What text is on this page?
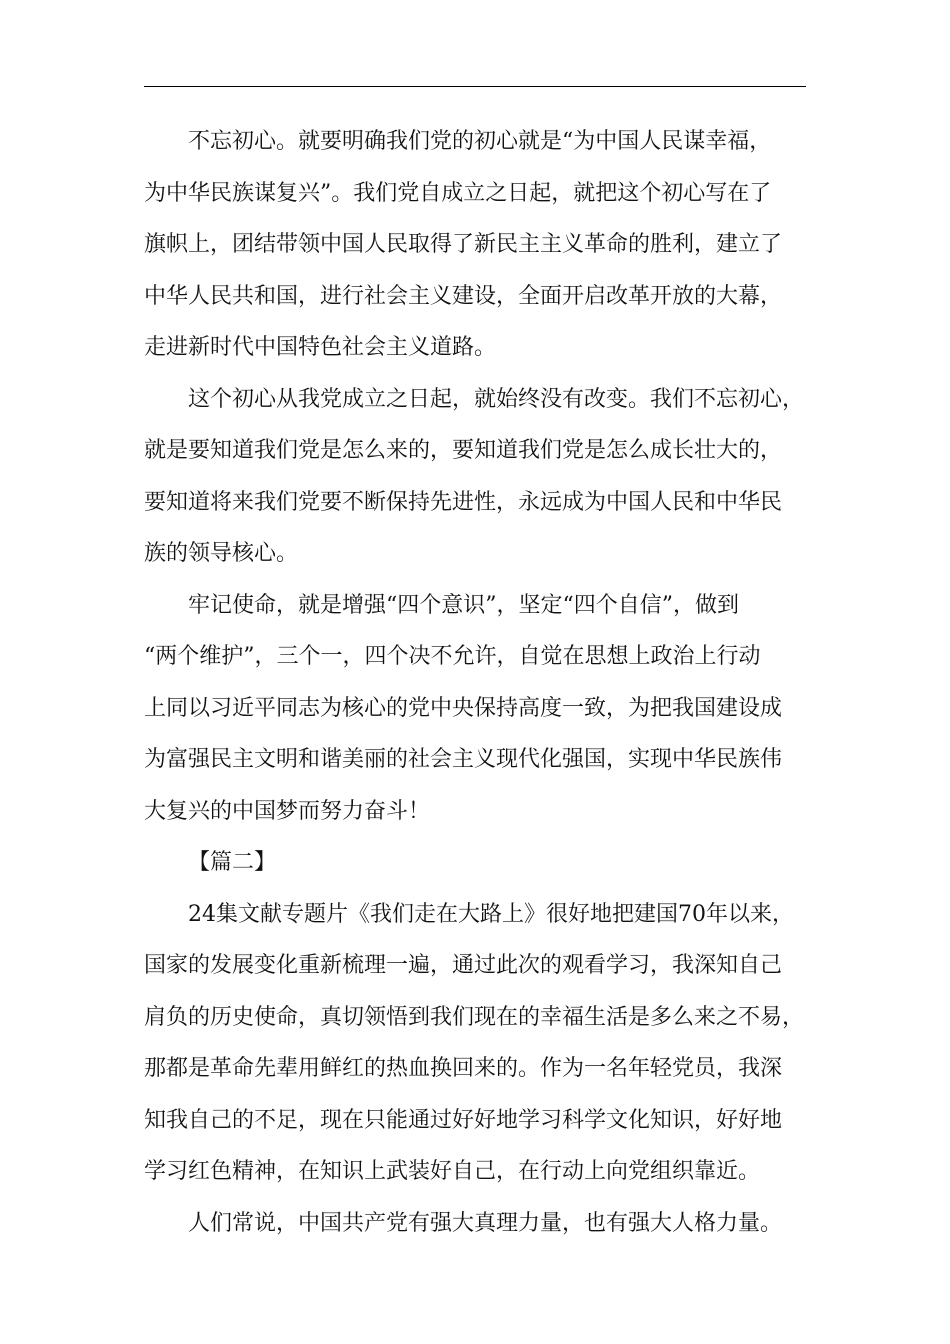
不忘初心。就要明确我们党的初心就是“为中国人民谋幸福，
为中华民族谋复兴”。我们党自成立之日起，就把这个初心写在了
旗帜上，团结带领中国人民取得了新民主主义革命的胜利，建立了
中华人民共和国，进行社会主义建设，全面开启改革开放的大幕，
走进新时代中国特色社会主义道路。

这个初心从我党成立之日起，就始终没有改变。我们不忘初心，
就是要知道我们党是怎么来的，要知道我们党是怎么成长壮大的，
要知道将来我们党要不断保持先进性，永远成为中国人民和中华民
族的领导核心。

牢记使命，就是增强“四个意识”，坚定“四个自信”，做到
“两个维护”，三个一，四个决不允许，自觉在思想上政治上行动
上同以习近平同志为核心的党中央保持高度一致，为把我国建设成
为富强民主文明和谐美丽的社会主义现代化强国，实现中华民族伟
大复兴的中国梦而努力奋斗！

【篇二】

24集文献专题片《我们走在大路上》很好地把建国70年以来，
国家的发展变化重新梳理一遍，通过此次的观看学习，我深知自己
肩负的历史使命，真切领悟到我们现在的幸福生活是多么来之不易，
那都是革命先辈用鲜红的热血换回来的。作为一名年轻党员，我深
知我自己的不足，现在只能通过好好地学习科学文化知识，好好地
学习红色精神，在知识上武装好自己，在行动上向党组织靠近。

人们常说，中国共产党有强大真理力量，也有强大人格力量。
